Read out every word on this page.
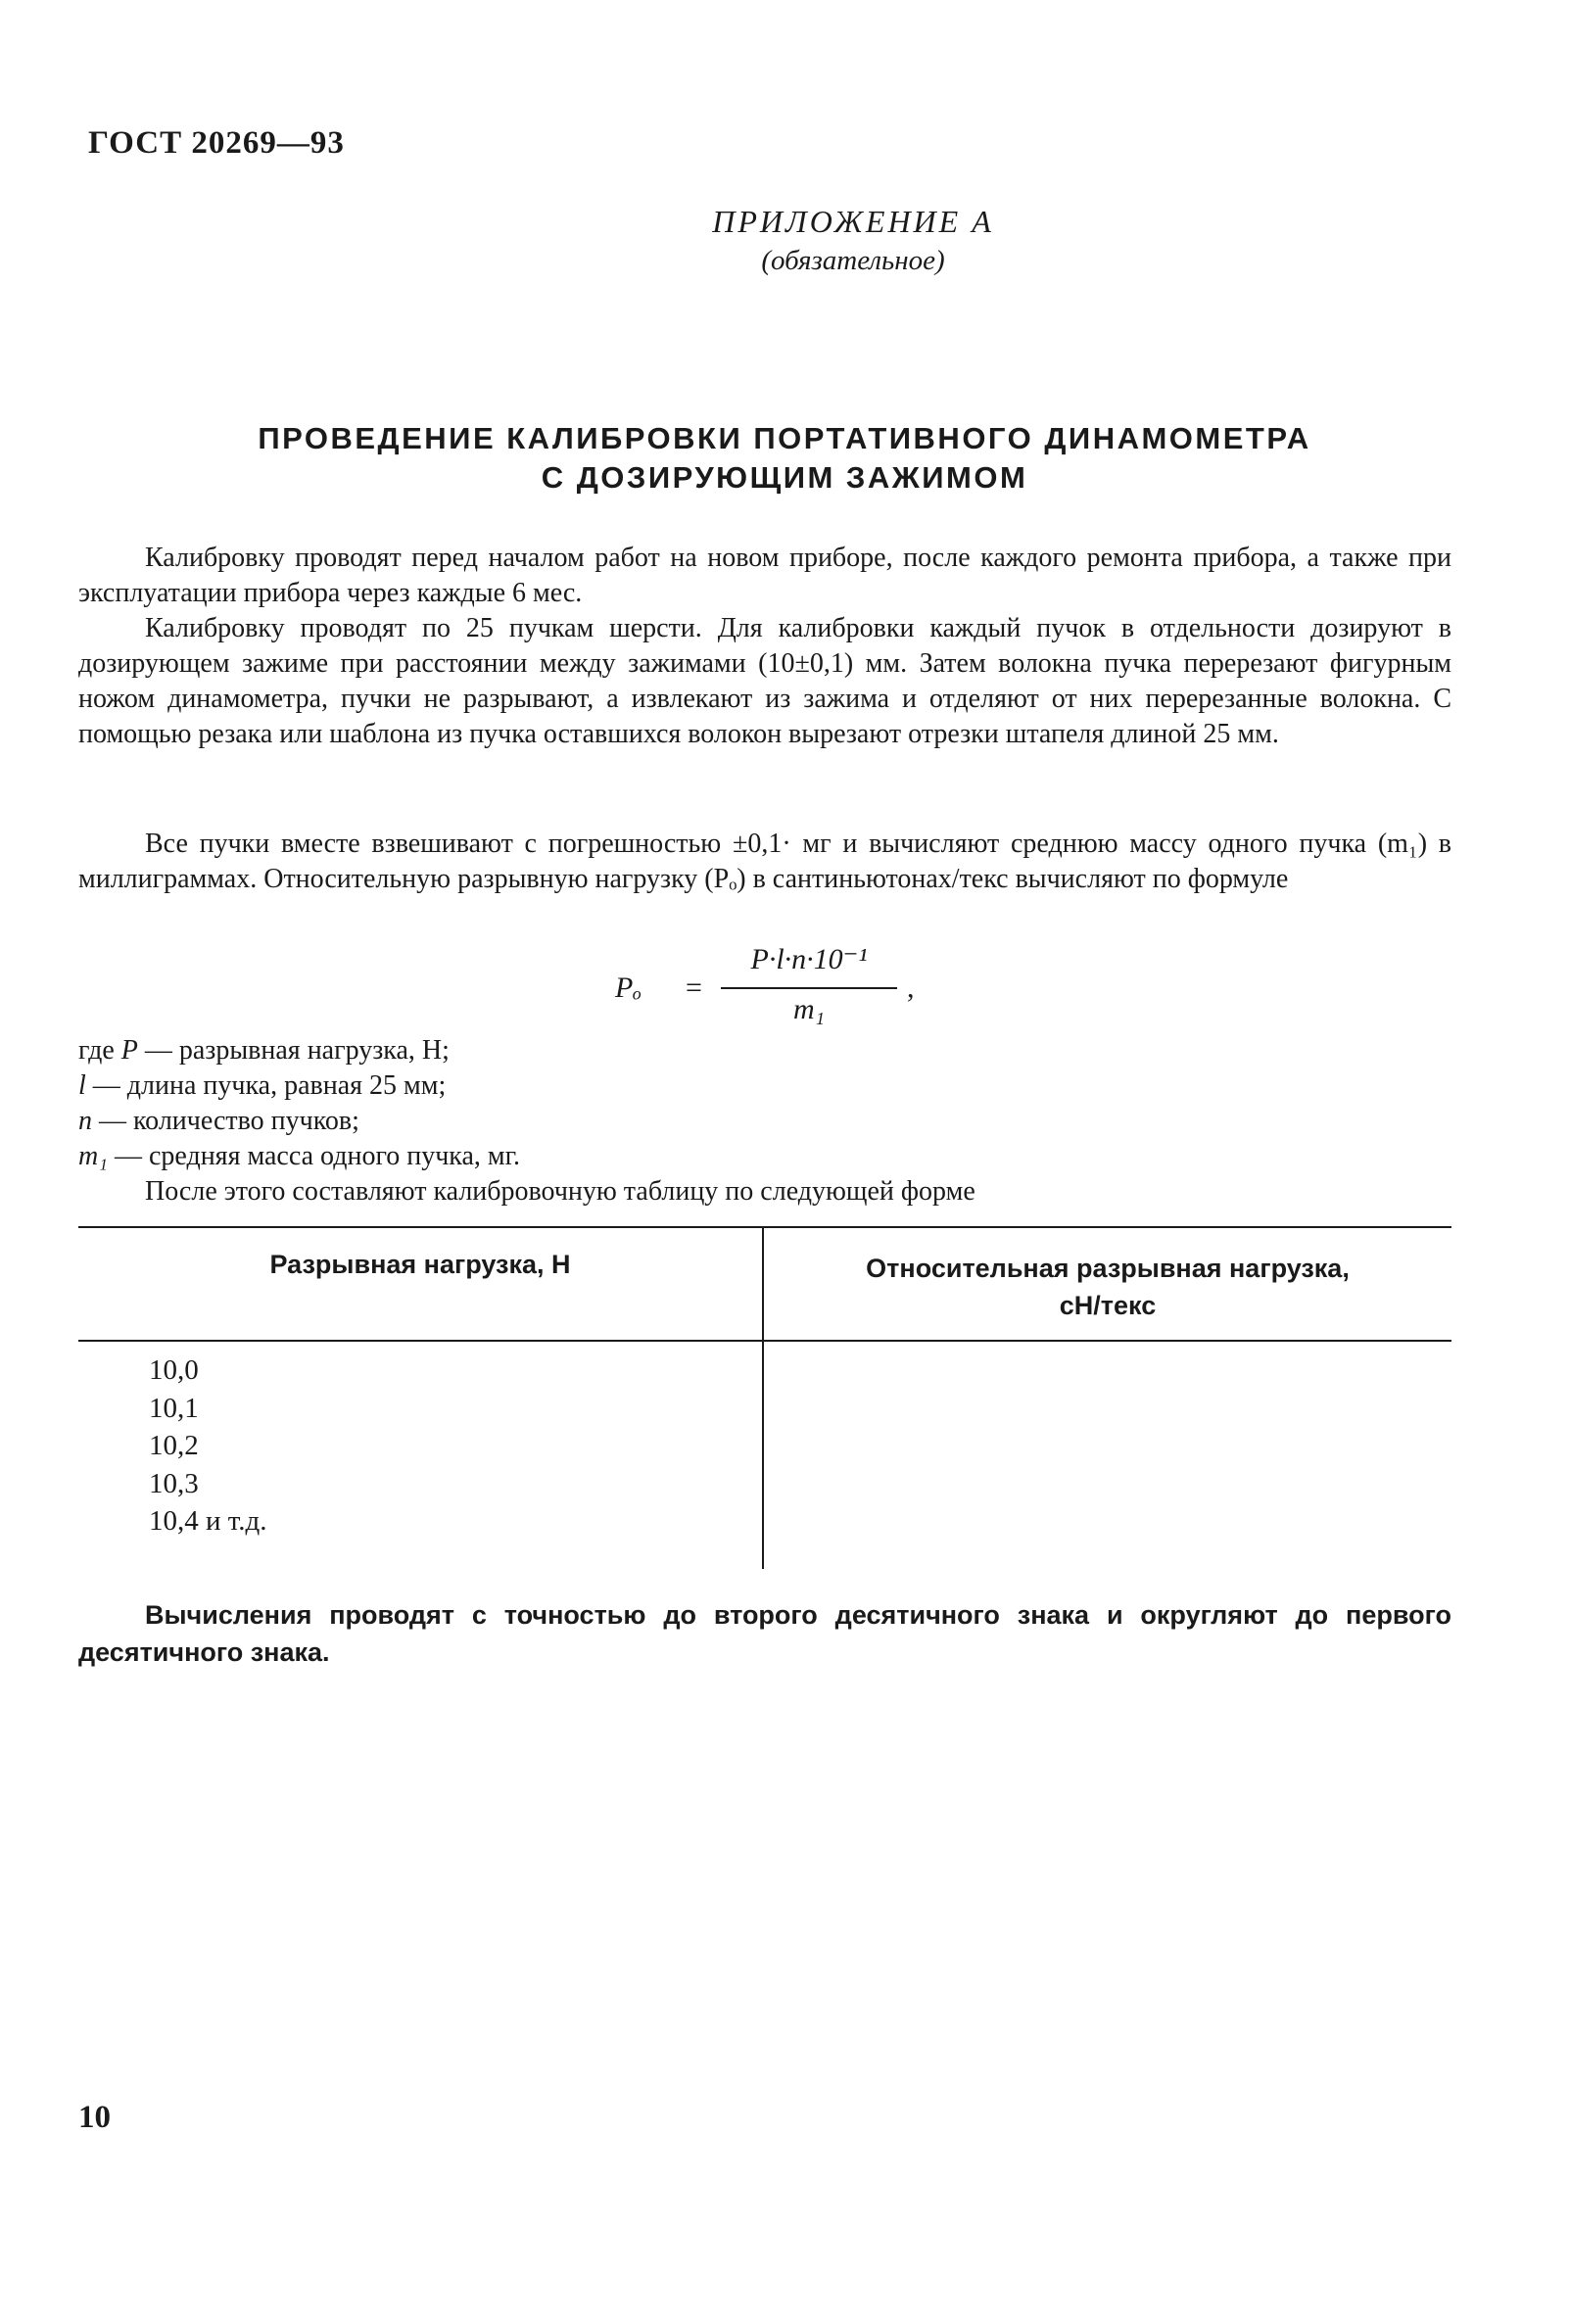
ГОСТ 20269—93
ПРИЛОЖЕНИЕ А
(обязательное)
ПРОВЕДЕНИЕ КАЛИБРОВКИ ПОРТАТИВНОГО ДИНАМОМЕТРА
С ДОЗИРУЮЩИМ ЗАЖИМОМ

Калибровку проводят перед началом работ на новом приборе, после каждого ремонта прибора, а также при эксплуатации прибора через каждые 6 мес.

Калибровку проводят по 25 пучкам шерсти. Для калибровки каждый пучок в отдельности дозируют в дозирующем зажиме при расстоянии между зажимами (10±0,1) мм. Затем волокна пучка перерезают фигурным ножом динамометра, пучки не разрывают, а извлекают из зажима и отделяют от них перерезанные волокна. С помощью резака или шаблона из пучка оставшихся волокон вырезают отрезки штапеля длиной 25 мм.

Все пучки вместе взвешивают с погрешностью ±0,1· мг и вычисляют среднюю массу одного пучка (m₁) в миллиграммах. Относительную разрывную нагрузку (Pₒ) в сантиньютонах/текс вычисляют по формуле

Pₒ =
P·l·n·10⁻¹
m₁
,
где P — разрывная нагрузка, Н;
l — длина пучка, равная 25 мм;
n — количество пучков;
m₁ — средняя масса одного пучка, мг.
После этого составляют калибровочную таблицу по следующей форме
Разрывная нагрузка, Н	Относительная разрывная нагрузка,
сН/текс
10,0
10,1
10,2
10,3
10,4 и т.д.
Вычисления проводят с точностью до второго десятичного знака и округляют до первого десятичного знака.
10
